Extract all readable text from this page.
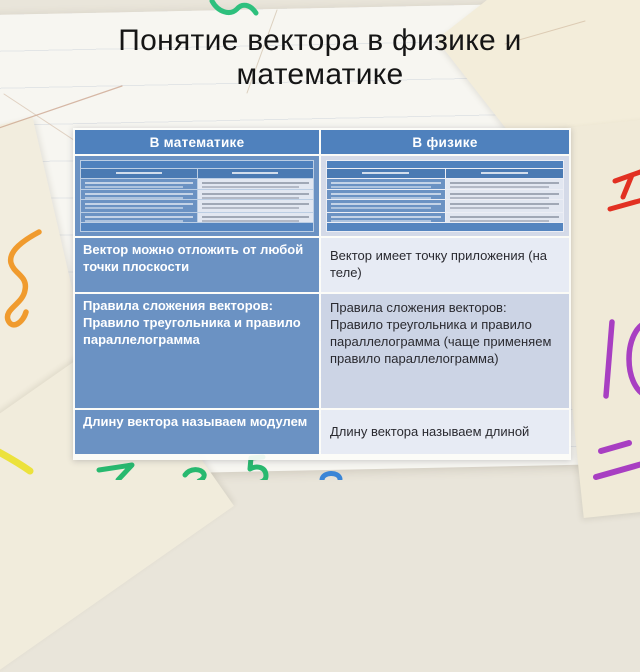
Понятие вектора в физике и
математике
В математике	В физике
Вектор можно отложить от любой точки плоскости
Вектор имеет точку приложения (на теле)
Правила сложения векторов: Правило треугольника и правило параллелограмма
Правила сложения векторов: Правило треугольника и правило параллелограмма (чаще применяем правило параллелограмма)
Длину вектора называем модулем
Длину вектора называем длиной
